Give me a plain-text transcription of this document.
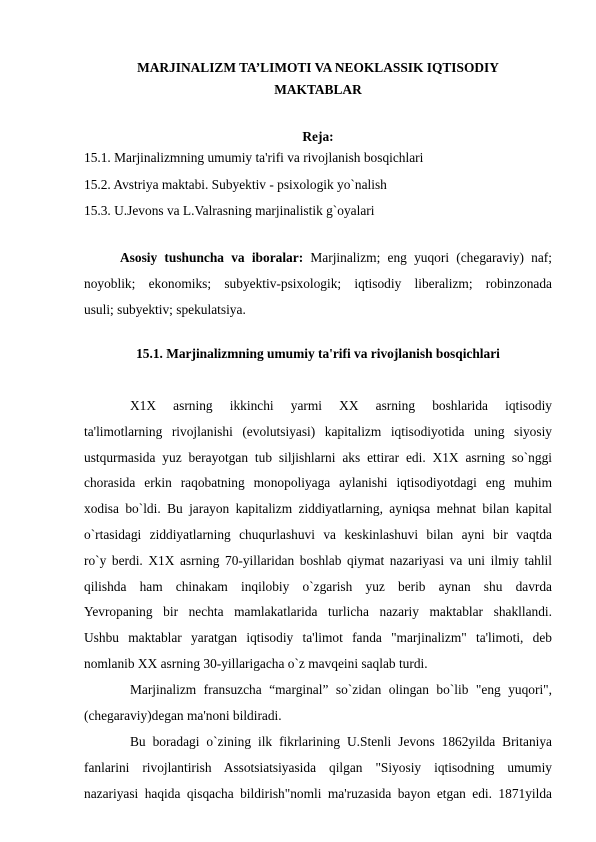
MARJINALIZM TA’LIMOTI VA NEOKLASSIK IQTISODIY
MAKTABLAR
Reja:
15.1. Marjinalizmning umumiy ta'rifi va rivojlanish bosqichlari
15.2. Avstriya maktabi. Subyektiv - psixologik yo`nalish
15.3. U.Jevons va L.Valrasning marjinalistik g`oyalari
Asosiy tushuncha va iboralar: Marjinalizm; eng yuqori (chegaraviy) naf;
noyoblik; ekonomiks; subyektiv-psixologik; iqtisodiy liberalizm; robinzonada
usuli; subyektiv; spekulatsiya.
15.1. Marjinalizmning umumiy ta'rifi va rivojlanish bosqichlari
X1X asrning ikkinchi yarmi XX asrning boshlarida iqtisodiy
ta'limotlarning rivojlanishi (evolutsiyasi) kapitalizm iqtisodiyotida uning siyosiy
ustqurmasida yuz berayotgan tub siljishlarni aks ettirar edi. X1X asrning so`nggi
chorasida erkin raqobatning monopoliyaga aylanishi iqtisodiyotdagi eng muhim
xodisa bo`ldi. Bu jarayon kapitalizm ziddiyatlarning, ayniqsa mehnat bilan kapital
o`rtasidagi ziddiyatlarning chuqurlashuvi va keskinlashuvi bilan ayni bir vaqtda
ro`y berdi. X1X asrning 70-yillaridan boshlab qiymat nazariyasi va uni ilmiy tahlil
qilishda ham chinakam inqilobiy o`zgarish yuz berib aynan shu davrda
Yevropaning bir nechta mamlakatlarida turlicha nazariy maktablar shakllandi.
Ushbu maktablar yaratgan iqtisodiy ta'limot fanda "marjinalizm" ta'limoti, deb
nomlanib XX asrning 30-yillarigacha o`z mavqeini saqlab turdi.
Marjinalizm fransuzcha “marginal” so`zidan olingan bo`lib "eng yuqori",
(chegaraviy)degan ma'noni bildiradi.
Bu boradagi o`zining ilk fikrlarining U.Stenli Jevons 1862yilda Britaniya
fanlarini rivojlantirish Assotsiatsiyasida qilgan "Siyosiy iqtisodning umumiy
nazariyasi haqida qisqacha bildirish"nomli ma'ruzasida bayon etgan edi. 1871yilda
